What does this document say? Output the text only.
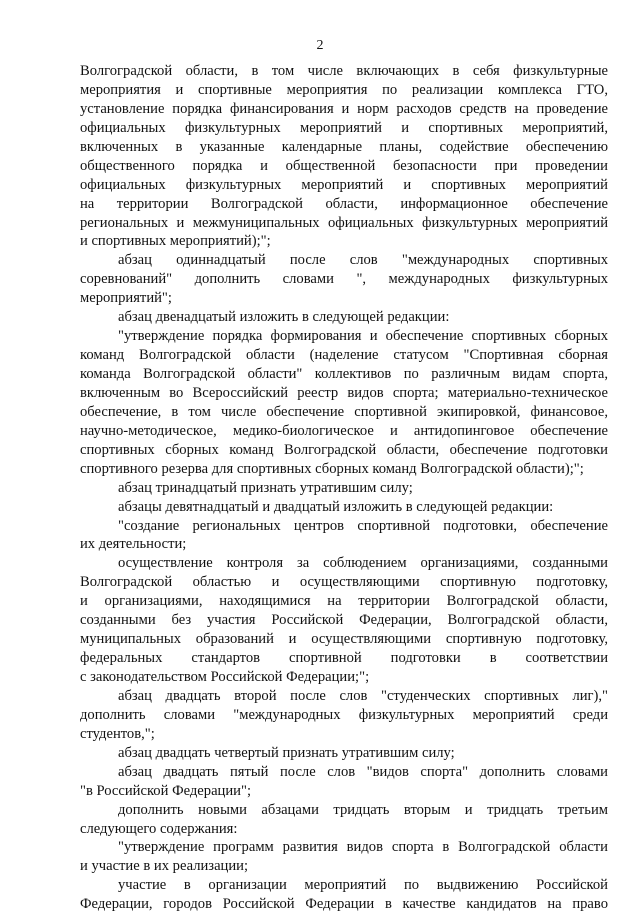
2
Волгоградской области, в том числе включающих в себя физкультурные
мероприятия и спортивные мероприятия по реализации комплекса ГТО,
установление порядка финансирования и норм расходов средств на проведение
официальных физкультурных мероприятий и спортивных мероприятий,
включенных в указанные календарные планы, содействие обеспечению
общественного порядка и общественной безопасности при проведении
официальных физкультурных мероприятий и спортивных мероприятий
на территории Волгоградской области, информационное обеспечение
региональных и межмуниципальных официальных физкультурных мероприятий
и спортивных мероприятий);";
абзац одиннадцатый после слов "международных спортивных
соревнований" дополнить словами ", международных физкультурных
мероприятий";
абзац двенадцатый изложить в следующей редакции:
"утверждение порядка формирования и обеспечение спортивных сборных
команд Волгоградской области (наделение статусом "Спортивная сборная
команда Волгоградской области" коллективов по различным видам спорта,
включенным во Всероссийский реестр видов спорта; материально-техническое
обеспечение, в том числе обеспечение спортивной экипировкой, финансовое,
научно-методическое, медико-биологическое и антидопинговое обеспечение
спортивных сборных команд Волгоградской области, обеспечение подготовки
спортивного резерва для спортивных сборных команд Волгоградской области);";
абзац тринадцатый признать утратившим силу;
абзацы девятнадцатый и двадцатый изложить в следующей редакции:
"создание региональных центров спортивной подготовки, обеспечение
их деятельности;
осуществление контроля за соблюдением организациями, созданными
Волгоградской областью и осуществляющими спортивную подготовку,
и организациями, находящимися на территории Волгоградской области,
созданными без участия Российской Федерации, Волгоградской области,
муниципальных образований и осуществляющими спортивную подготовку,
федеральных стандартов спортивной подготовки в соответствии
с законодательством Российской Федерации;";
абзац двадцать второй после слов "студенческих спортивных лиг),"
дополнить словами "международных физкультурных мероприятий среди
студентов,";
абзац двадцать четвертый признать утратившим силу;
абзац двадцать пятый после слов "видов спорта" дополнить словами
"в Российской Федерации";
дополнить новыми абзацами тридцать вторым и тридцать третьим
следующего содержания:
"утверждение программ развития видов спорта в Волгоградской области
и участие в их реализации;
участие в организации мероприятий по выдвижению Российской
Федерации, городов Российской Федерации в качестве кандидатов на право
